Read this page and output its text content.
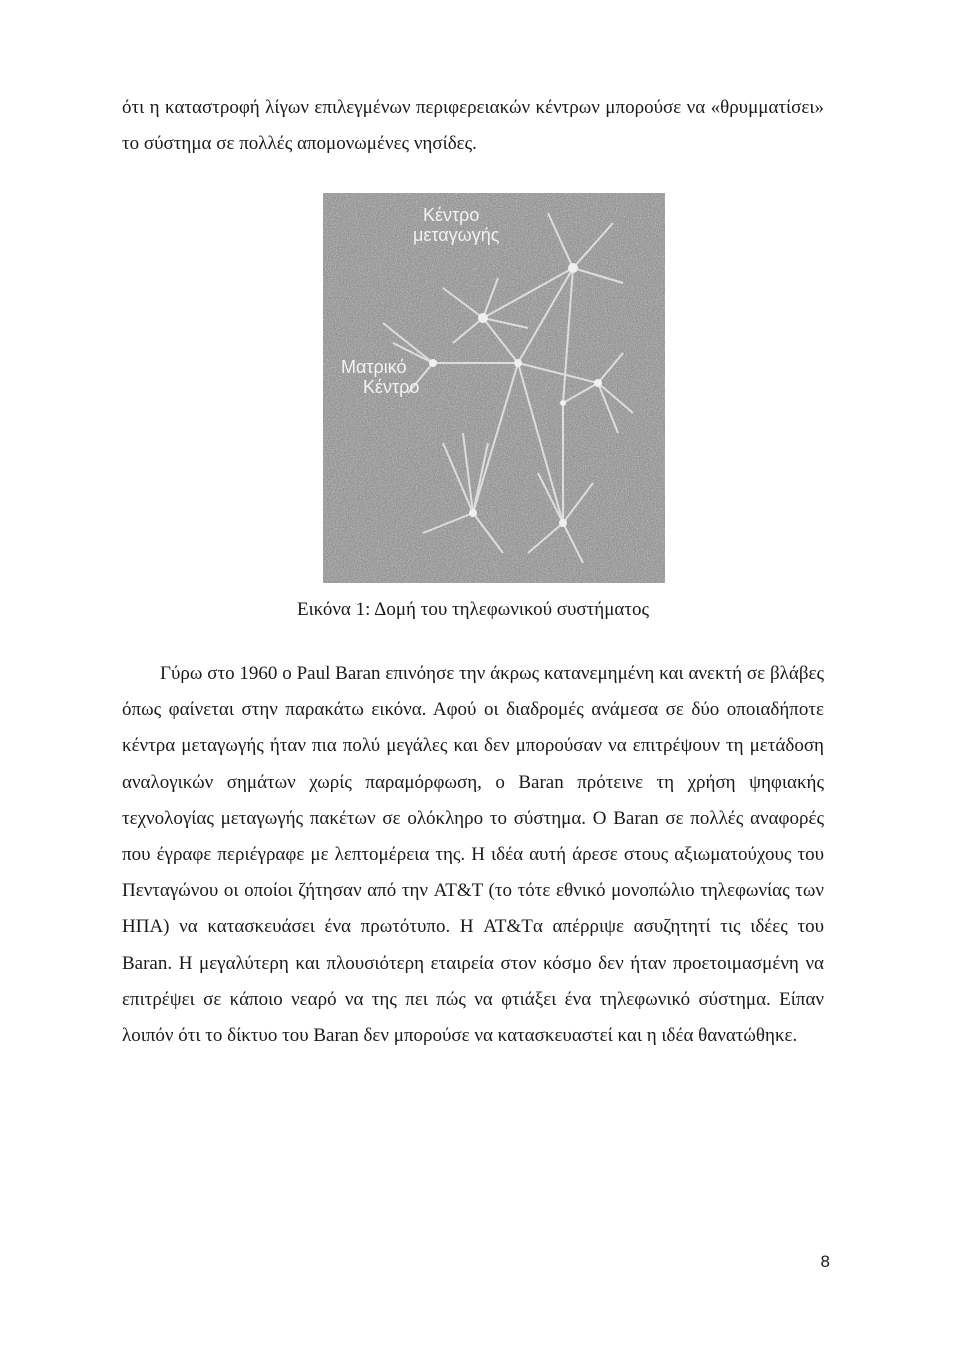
ότι η καταστροφή λίγων επιλεγμένων περιφερειακών κέντρων μπορούσε να «θρυμματίσει» το σύστημα σε πολλές απομονωμένες νησίδες.

Κέντρο μεταγωγής
Ματρικό Κέντρο
Εικόνα 1: Δομή του τηλεφωνικού συστήματος

Γύρω στο 1960 ο Paul Baran επινόησε την άκρως κατανεμημένη και ανεκτή σε βλάβες όπως φαίνεται στην παρακάτω εικόνα. Αφού οι διαδρομές ανάμεσα σε δύο οποιαδήποτε κέντρα μεταγωγής ήταν πια πολύ μεγάλες και δεν μπορούσαν να επιτρέψουν τη μετάδοση αναλογικών σημάτων χωρίς παραμόρφωση, ο Baran πρότεινε τη χρήση ψηφιακής τεχνολογίας μεταγωγής πακέτων σε ολόκληρο το σύστημα. Ο Baran σε πολλές αναφορές που έγραφε περιέγραφε με λεπτομέρεια της. Η ιδέα αυτή άρεσε στους αξιωματούχους του Πενταγώνου οι οποίοι ζήτησαν από την AT&T (το τότε εθνικό μονοπώλιο τηλεφωνίας των ΗΠΑ) να κατασκευάσει ένα πρωτότυπο. Η AT&Tα απέρριψε ασυζητητί τις ιδέες του Baran. Η μεγαλύτερη και πλουσιότερη εταιρεία στον κόσμο δεν ήταν προετοιμασμένη να επιτρέψει σε κάποιο νεαρό να της πει πώς να φτιάξει ένα τηλεφωνικό σύστημα. Είπαν λοιπόν ότι το δίκτυο του Baran δεν μπορούσε να κατασκευαστεί και η ιδέα θανατώθηκε.

8
